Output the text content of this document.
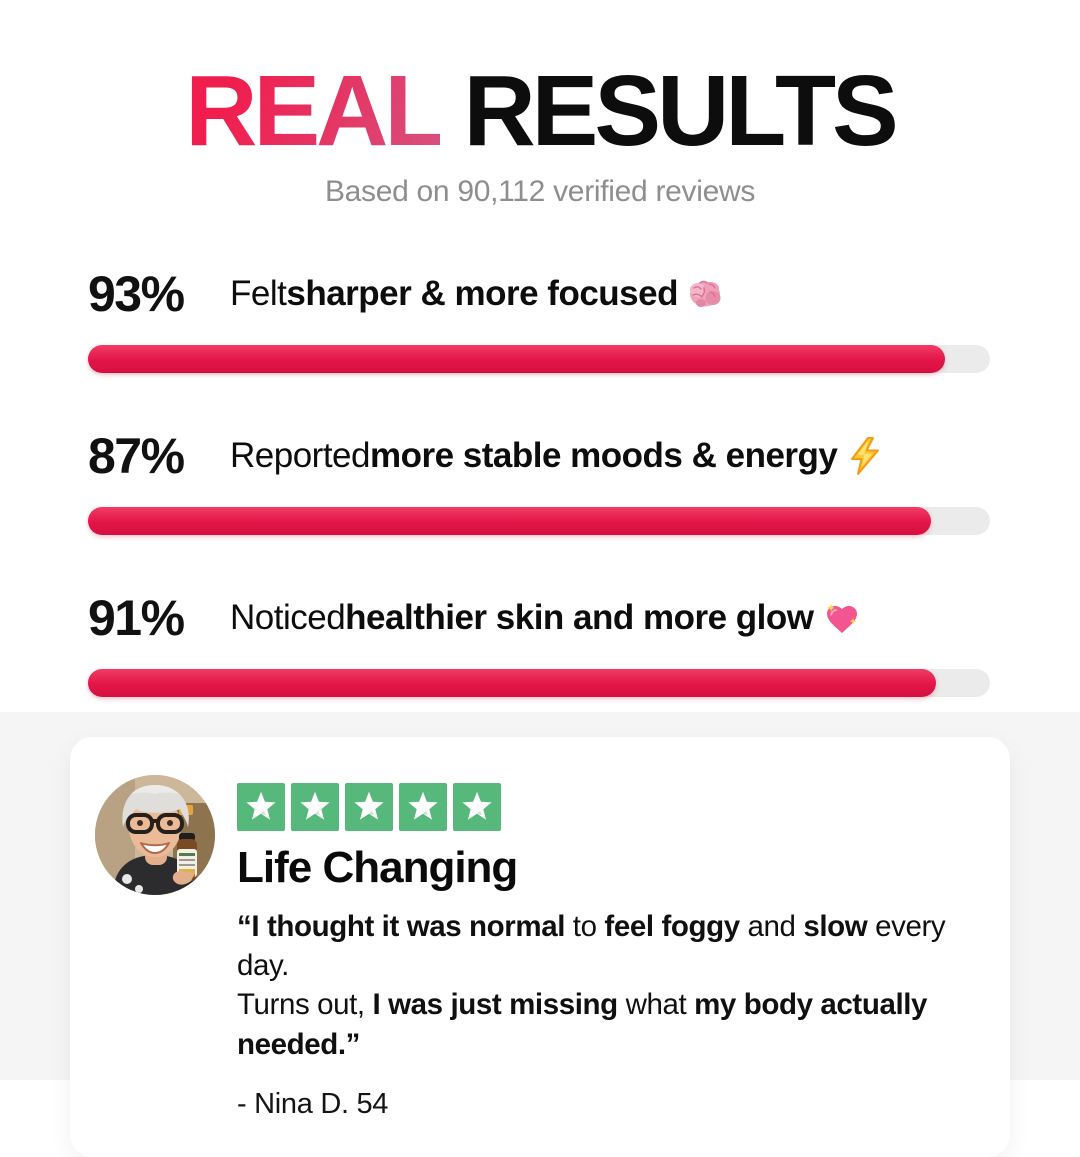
REAL RESULTS
Based on 90,112 verified reviews
93%	Felt sharper & more focused
87%	Reported more stable moods & energy
91%	Noticed healthier skin and more glow
Life Changing
“I thought it was normal to feel foggy and slow every day.
Turns out, I was just missing what my body actually needed.”
- Nina D. 54
